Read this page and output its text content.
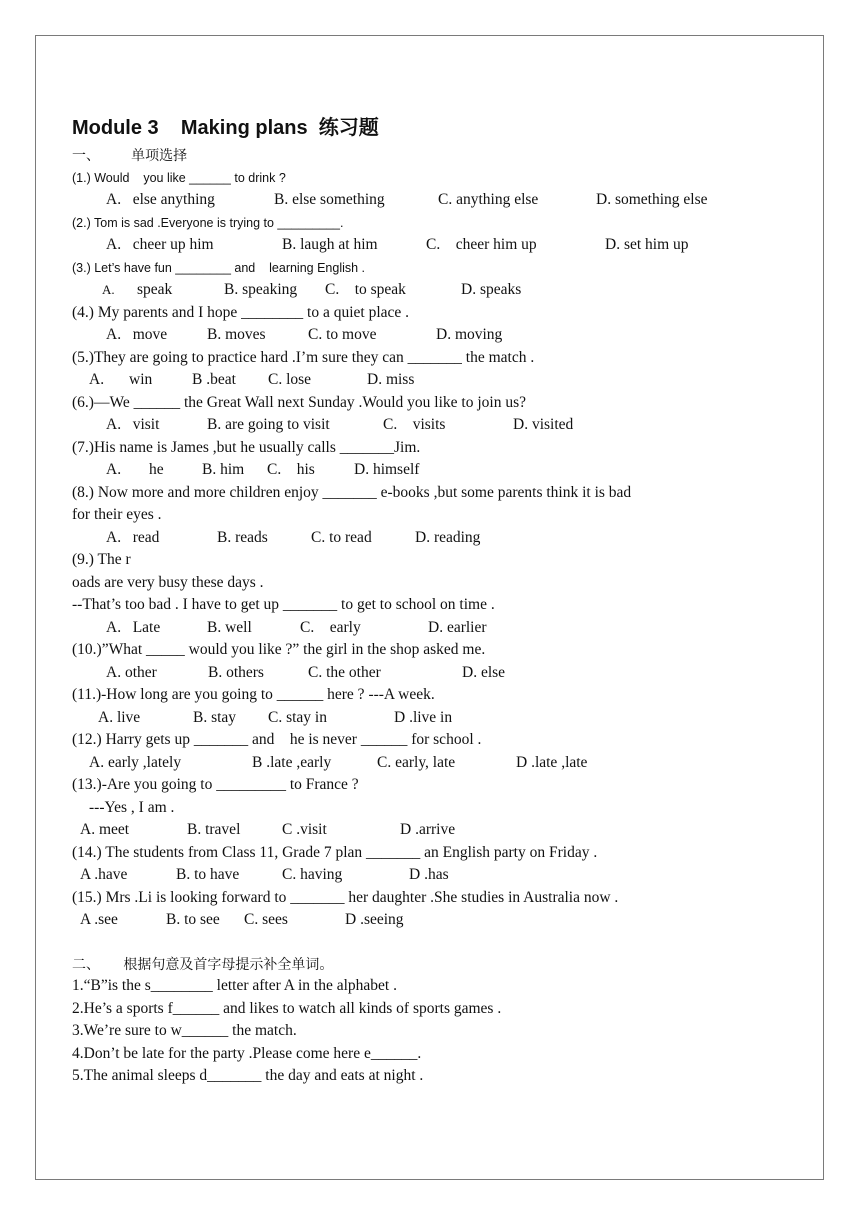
Module 3    Making plans  练习题
一、        单项选择
(1.) Would    you like ______ to drink ?

A.   else anything

	B. else something

	C. anything else

	D. something else

(2.) Tom is sad .Everyone is trying to _________.

A.   cheer up him

	B. laugh at him

	C.    cheer him up

	D. set him up

(3.) Let’s have fun ________ and    learning English .

A.

speak

	B. speaking

C.    to speak

	D. speaks

(4.) My parents and I hope ________ to a quiet place .

A.   move

	B. moves

	C. to move

	D. moving

(5.)They are going to practice hard .I’m sure they can _______ the match .

A.

win

	B .beat

C. lose

	D. miss

(6.)—We ______ the Great Wall next Sunday .Would you like to join us?

A.   visit

	B. are going to visit

	C.    visits

	D. visited

(7.)His name is James ,but he usually calls _______Jim.

A.

he

B. him

C.    his

	D. himself

(8.) Now more and more children enjoy _______ e-books ,but some parents think it is bad
for their eyes .

A.   read

	B. reads

	C. to read

	D. reading

(9.) The r
oads are very busy these days .
--That’s too bad . I have to get up _______ to get to school on time .

A.   Late

	B. well

	C.    early

	D. earlier

(10.)”What _____ would you like ?” the girl in the shop asked me.

A. other

	B. others

	C. the other

	D. else

(11.)-How long are you going to ______ here ? ---A week.

A. live

	B. stay

C. stay in

	D .live in

(12.) Harry gets up _______ and    he is never ______ for school .

A. early ,lately

	B .late ,early

	C. early, late

	D .late ,late

(13.)-Are you going to _________ to France ?
---Yes , I am .

A. meet

	B. travel

	C .visit

	D .arrive

(14.) The students from Class 11, Grade 7 plan _______ an English party on Friday .

A .have

	B. to have

	C. having

	D .has

(15.) Mrs .Li is looking forward to _______ her daughter .She studies in Australia now .

A .see

	B. to see

C. sees

	D .seeing

二、      根据句意及首字母提示补全单词。
1.“B”is the s________ letter after A in the alphabet .
2.He’s a sports f______ and likes to watch all kinds of sports games .
3.We’re sure to w______ the match.
4.Don’t be late for the party .Please come here e______.
5.The animal sleeps d_______ the day and eats at night .
